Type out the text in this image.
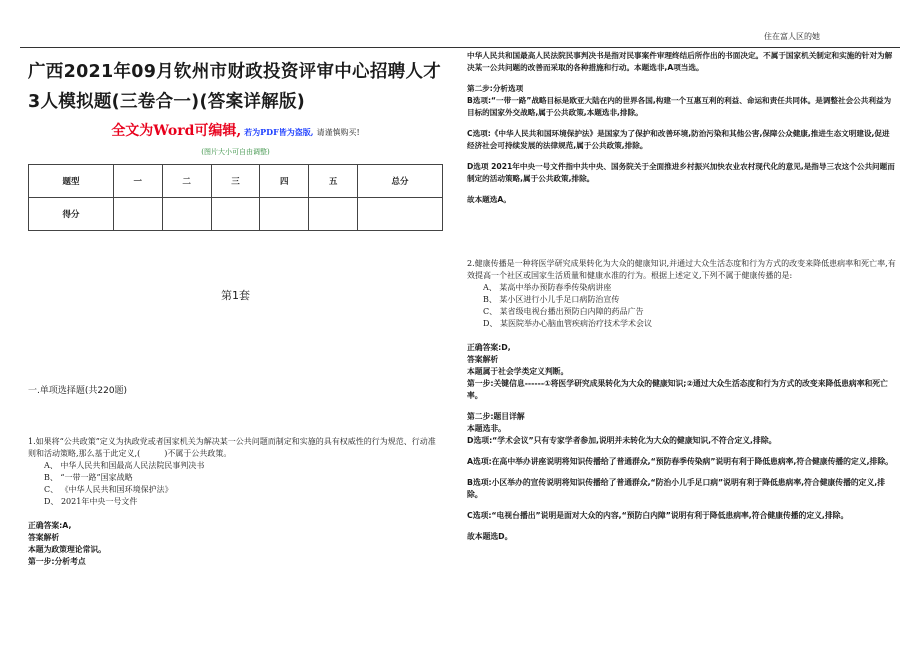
住在富人区的她
广西2021年09月钦州市财政投资评审中心招聘人才3人模拟题(三卷合一)(答案详解版)
全文为Word可编辑, 若为PDF皆为盗版, 请谨慎购买!
(图片大小可自由调整)
题型	一	二	三	四	五	总分
得分						
第1套
一.单项选择题(共220题)
1.如果将“公共政策”定义为执政党或者国家机关为解决某一公共问题而制定和实施的具有权威性的行为规范、行动准则和活动策略,那么基于此定义,(　　　)不属于公共政策。
A、 中华人民共和国最高人民法院民事判决书
B、 “一带一路”国家战略
C、 《中华人民共和国环境保护法》
D、 2021年中央一号文件
正确答案:A,
答案解析
本题为政策理论常识。
第一步:分析考点
中华人民共和国最高人民法院民事判决书是指对民事案件审理终结后所作出的书面决定。不属于国家机关制定和实施的针对为解决某一公共问题的改善而采取的各种措施和行动。本题选非,A项当选。
第二步:分析选项
B选项:“一带一路”战略目标是欧亚大陆在内的世界各国,构建一个互惠互利的利益、命运和责任共同体。是调整社会公共利益为目标的国家外交战略,属于公共政策,本题选非,排除。
C选项:《中华人民共和国环境保护法》是国家为了保护和改善环境,防治污染和其他公害,保障公众健康,推进生态文明建设,促进经济社会可持续发展的法律规范,属于公共政策,排除。
D选项 2021年中央一号文件指中共中央、国务院关于全面推进乡村振兴加快农业农村现代化的意见,是指导三农这个公共问题而制定的活动策略,属于公共政策,排除。
故本题选A。
2.健康传播是一种将医学研究成果转化为大众的健康知识,并通过大众生活态度和行为方式的改变来降低患病率和死亡率,有效提高一个社区或国家生活质量和健康水准的行为。根据上述定义,下列不属于健康传播的是:
A、 某高中举办预防春季传染病讲座
B、 某小区进行小儿手足口病防治宣传
C、 某省级电视台播出预防白内障的药品广告
D、 某医院举办心脑血管疾病治疗技术学术会议
正确答案:D,
答案解析
本题属于社会学类定义判断。
第一步:关键信息------①将医学研究成果转化为大众的健康知识;②通过大众生活态度和行为方式的改变来降低患病率和死亡率。
第二步:题目详解
本题选非。
D选项:“学术会议”只有专家学者参加,说明并未转化为大众的健康知识,不符合定义,排除。
A选项:在高中举办讲座说明将知识传播给了普通群众,“预防春季传染病”说明有利于降低患病率,符合健康传播的定义,排除。
B选项:小区举办的宣传说明将知识传播给了普通群众,“防治小儿手足口病”说明有利于降低患病率,符合健康传播的定义,排除。
C选项:“电视台播出”说明是面对大众的内容,“预防白内障”说明有利于降低患病率,符合健康传播的定义,排除。
故本题选D。
